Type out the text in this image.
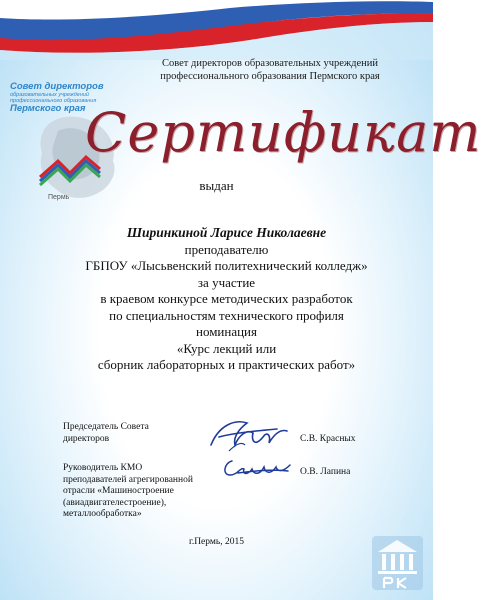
Совет директоров образовательных учреждений
профессионального образования Пермского края
Пермь
Совет директоров
образовательных учреждений
профессионального образования
Пермского края Сертификат
выдан
Ширинкиной Ларисе Николаевне
преподавателю
ГБПОУ «Лысьвенский политехнический колледж»
за участие
в краевом конкурсе методических разработок
по специальностям технического профиля
номинация
«Курс лекций или
сборник лабораторных и практических работ»
Председатель Совета
директоров	С.В. Красных
Руководитель КМО
преподавателей агрегированной
отрасли «Машиностроение
(авиадвигателестроение),
металлообработка»
О.В. Лапина
г.Пермь, 2015
